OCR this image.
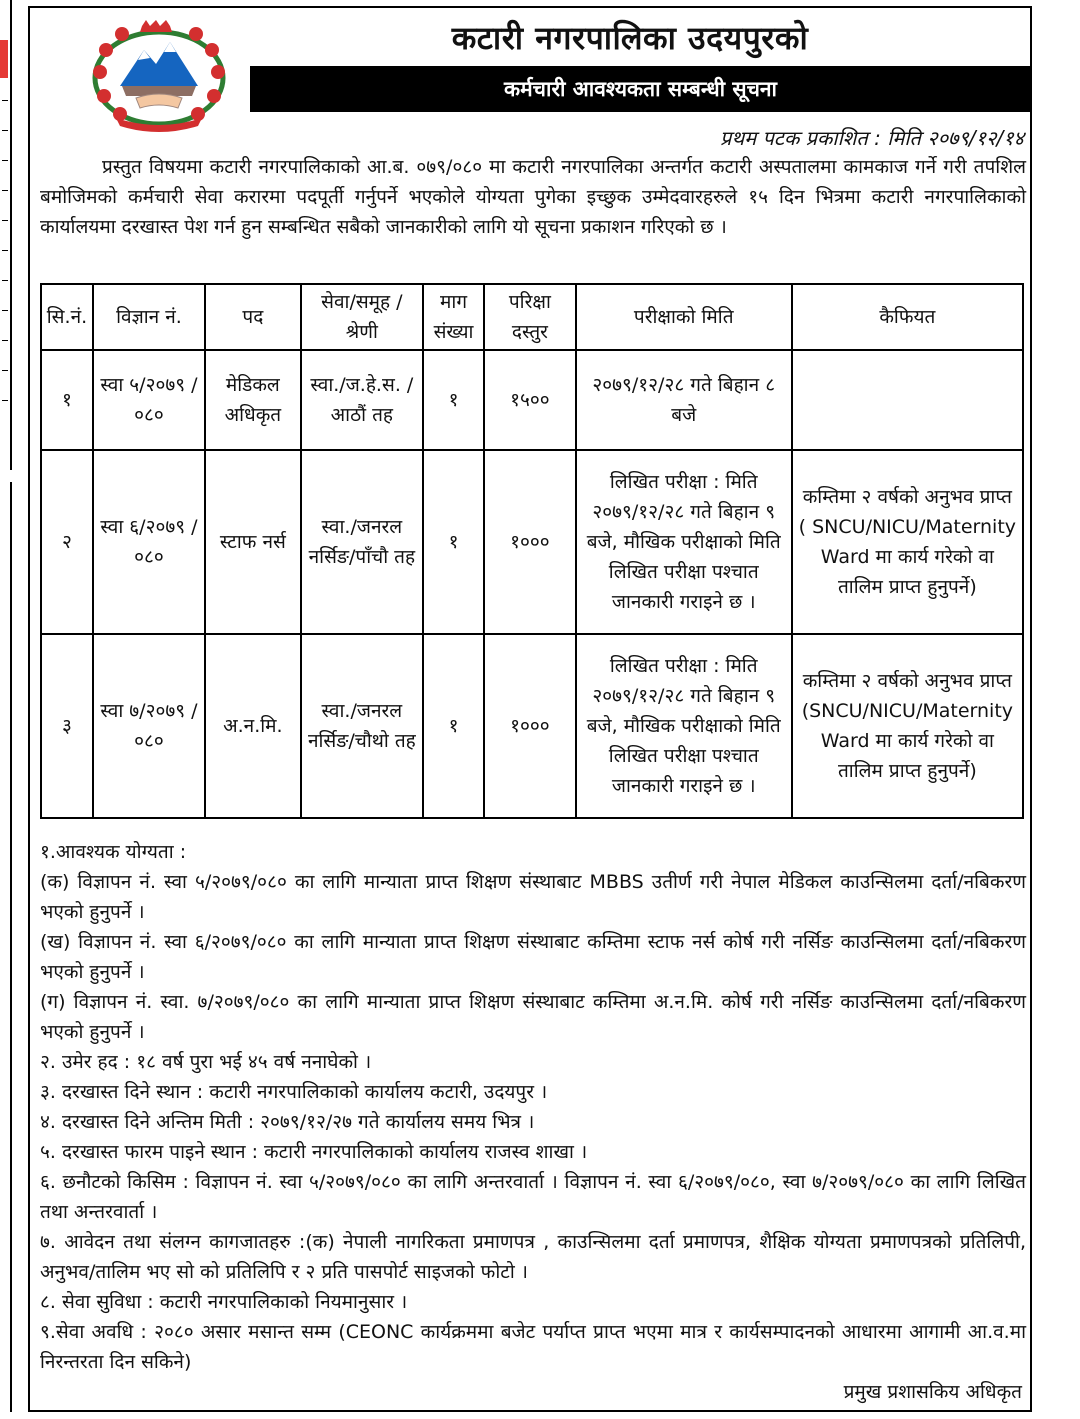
कटारी नगरपालिका उदयपुरको
कर्मचारी आवश्यकता सम्बन्धी सूचना
प्रथम पटक प्रकाशित : मिति २०७९/१२/१४

प्रस्तुत विषयमा कटारी नगरपालिकाको आ.ब. ०७९/०८० मा कटारी नगरपालिका अन्तर्गत कटारी अस्पतालमा कामकाज गर्ने गरी तपशिल बमोजिमको कर्मचारी सेवा करारमा पदपूर्ती गर्नुपर्ने भएकोले योग्यता पुगेका इच्छुक उम्मेदवारहरुले १५ दिन भित्रमा कटारी नगरपालिकाको कार्यालयमा दरखास्त पेश गर्न हुन सम्बन्धित सबैको जानकारीको लागि यो सूचना प्रकाशन गरिएको छ ।

सि.नं.	विज्ञान नं.	पद	सेवा/समूह /श्रेणी	माग संख्या	परिक्षा दस्तुर	परीक्षाको मिति	कैफियत
१	स्वा ५/२०७९ /०८०	मेडिकल अधिकृत	स्वा./ज.हे.स. /आठौं तह	१	१५००	२०७९/१२/२८ गते बिहान ८ बजे	
२	स्वा ६/२०७९ /०८०	स्टाफ नर्स	स्वा./जनरल नर्सिङ/पाँचौ तह	१	१०००	लिखित परीक्षा : मिति २०७९/१२/२८ गते बिहान ९ बजे, मौखिक परीक्षाको मिति लिखित परीक्षा पश्चात जानकारी गराइने छ ।	कम्तिमा २ वर्षको अनुभव प्राप्त ( SNCU/NICU/Maternity Ward मा कार्य गरेको वा तालिम प्राप्त हुनुपर्ने)
३	स्वा ७/२०७९ /०८०	अ.न.मि.	स्वा./जनरल नर्सिङ/चौथो तह	१	१०००	लिखित परीक्षा : मिति २०७९/१२/२८ गते बिहान ९ बजे, मौखिक परीक्षाको मिति लिखित परीक्षा पश्चात जानकारी गराइने छ ।	कम्तिमा २ वर्षको अनुभव प्राप्त (SNCU/NICU/Maternity Ward मा कार्य गरेको वा तालिम प्राप्त हुनुपर्ने)

१.आवश्यक योग्यता :

(क) विज्ञापन नं. स्वा ५/२०७९/०८० का लागि मान्याता प्राप्त शिक्षण संस्थाबाट MBBS उतीर्ण गरी नेपाल मेडिकल काउन्सिलमा दर्ता/नबिकरण भएको हुनुपर्ने ।

(ख) विज्ञापन नं. स्वा ६/२०७९/०८० का लागि मान्याता प्राप्त शिक्षण संस्थाबाट कम्तिमा स्टाफ नर्स कोर्ष गरी नर्सिङ काउन्सिलमा दर्ता/नबिकरण भएको हुनुपर्ने ।

(ग) विज्ञापन नं. स्वा. ७/२०७९/०८० का लागि मान्याता प्राप्त शिक्षण संस्थाबाट कम्तिमा अ.न.मि. कोर्ष गरी नर्सिङ काउन्सिलमा दर्ता/नबिकरण भएको हुनुपर्ने ।

२. उमेर हद : १८ वर्ष पुरा भई ४५ वर्ष ननाघेको ।

३. दरखास्त दिने स्थान : कटारी नगरपालिकाको कार्यालय कटारी, उदयपुर ।

४. दरखास्त दिने अन्तिम मिती : २०७९/१२/२७ गते कार्यालय समय भित्र ।

५. दरखास्त फारम पाइने स्थान : कटारी नगरपालिकाको कार्यालय राजस्व शाखा ।

६. छनौटको किसिम : विज्ञापन नं. स्वा ५/२०७९/०८० का लागि अन्तरवार्ता । विज्ञापन नं. स्वा ६/२०७९/०८०, स्वा ७/२०७९/०८० का लागि लिखित तथा अन्तरवार्ता ।

७. आवेदन तथा संलग्न कागजातहरु :(क) नेपाली नागरिकता प्रमाणपत्र , काउन्सिलमा दर्ता प्रमाणपत्र, शैक्षिक योग्यता प्रमाणपत्रको प्रतिलिपी, अनुभव/तालिम भए सो को प्रतिलिपि र २ प्रति पासपोर्ट साइजको फोटो ।

८. सेवा सुविधा : कटारी नगरपालिकाको नियमानुसार ।

९.सेवा अवधि : २०८० असार मसान्त सम्म (CEONC कार्यक्रममा बजेट पर्याप्त प्राप्त भएमा मात्र र कार्यसम्पादनको आधारमा आगामी आ.व.मा निरन्तरता दिन सकिने)

प्रमुख प्रशासकिय अधिकृत
